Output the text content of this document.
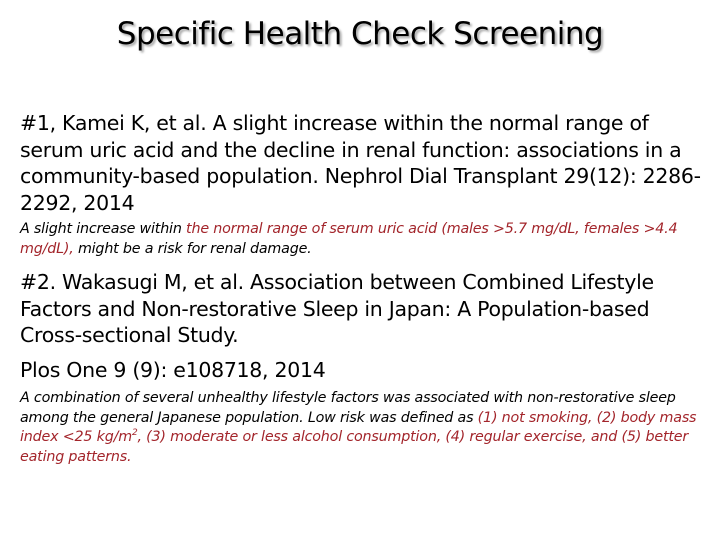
Specific Health Check Screening

#1, Kamei K, et al. A slight increase within the normal range of serum uric acid and the decline in renal function: associations in a community-based population. Nephrol Dial Transplant 29(12): 2286-2292, 2014

A slight increase within the normal range of serum uric acid (males >5.7 mg/dL, females >4.4 mg/dL), might be a risk for renal damage.

#2. Wakasugi M, et al. Association between Combined Lifestyle Factors and Non-restorative Sleep in Japan: A Population-based Cross-sectional Study.

Plos One 9 (9): e108718, 2014

A combination of several unhealthy lifestyle factors was associated with non-restorative sleep among the general Japanese population. Low risk was defined as (1) not smoking, (2) body mass index <25 $kg/m^2$, (3) moderate or less alcohol consumption, (4) regular exercise, and (5) better eating patterns.
